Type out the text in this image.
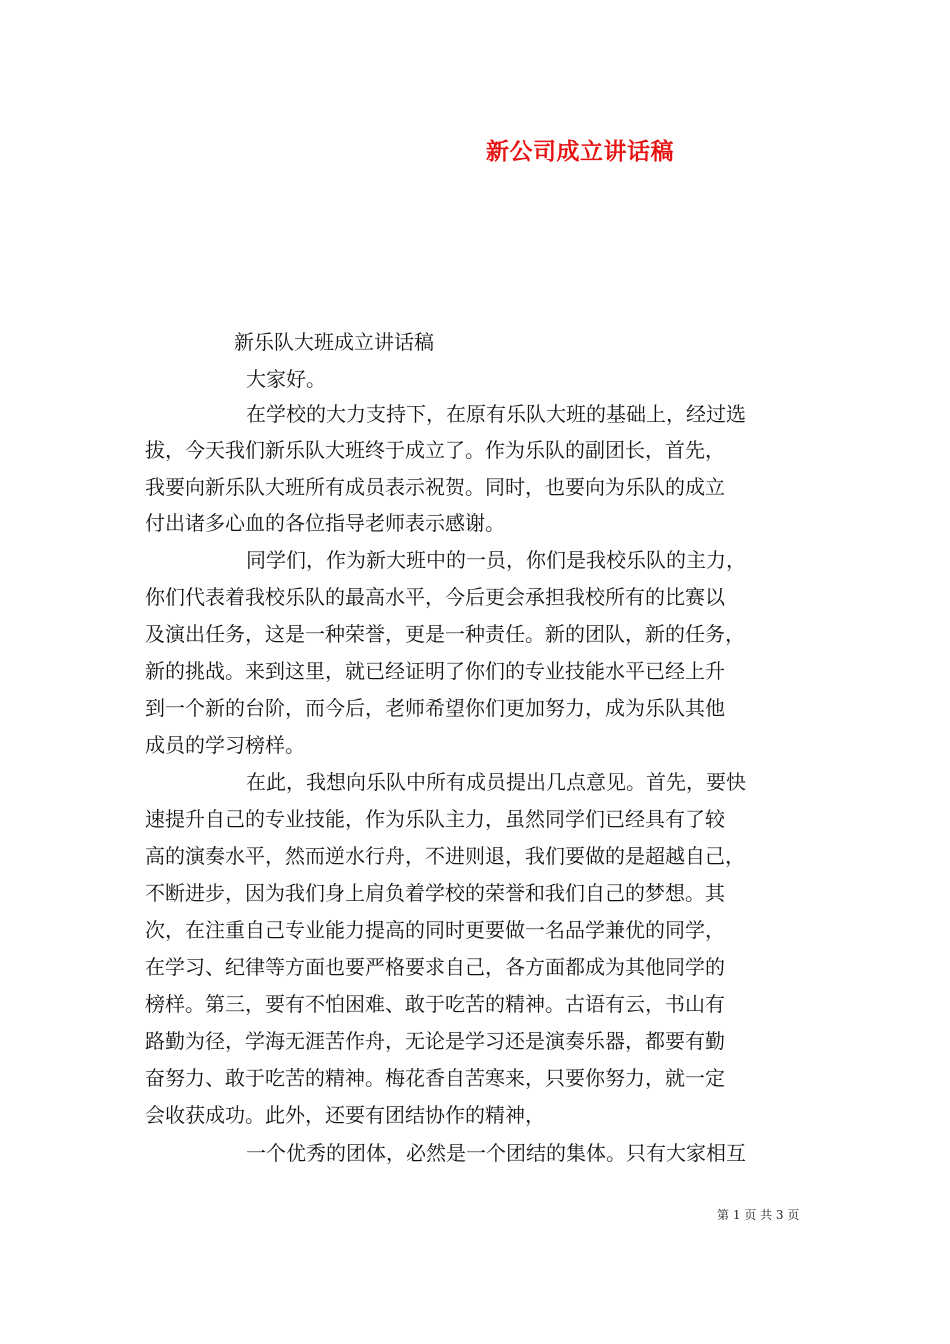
新公司成立讲话稿
新乐队大班成立讲话稿
大家好。
在学校的大力支持下，在原有乐队大班的基础上，经过选
拔，今天我们新乐队大班终于成立了。作为乐队的副团长，首先，
我要向新乐队大班所有成员表示祝贺。同时，也要向为乐队的成立
付出诸多心血的各位指导老师表示感谢。
同学们，作为新大班中的一员，你们是我校乐队的主力，
你们代表着我校乐队的最高水平，今后更会承担我校所有的比赛以
及演出任务，这是一种荣誉，更是一种责任。新的团队，新的任务，
新的挑战。来到这里，就已经证明了你们的专业技能水平已经上升
到一个新的台阶，而今后，老师希望你们更加努力，成为乐队其他
成员的学习榜样。
在此，我想向乐队中所有成员提出几点意见。首先，要快
速提升自己的专业技能，作为乐队主力，虽然同学们已经具有了较
高的演奏水平，然而逆水行舟，不进则退，我们要做的是超越自己，
不断进步，因为我们身上肩负着学校的荣誉和我们自己的梦想。其
次，在注重自己专业能力提高的同时更要做一名品学兼优的同学，
在学习、纪律等方面也要严格要求自己，各方面都成为其他同学的
榜样。第三，要有不怕困难、敢于吃苦的精神。古语有云，书山有
路勤为径，学海无涯苦作舟，无论是学习还是演奏乐器，都要有勤
奋努力、敢于吃苦的精神。梅花香自苦寒来，只要你努力，就一定
会收获成功。此外，还要有团结协作的精神，
一个优秀的团体，必然是一个团结的集体。只有大家相互
第 1 页 共 3 页
